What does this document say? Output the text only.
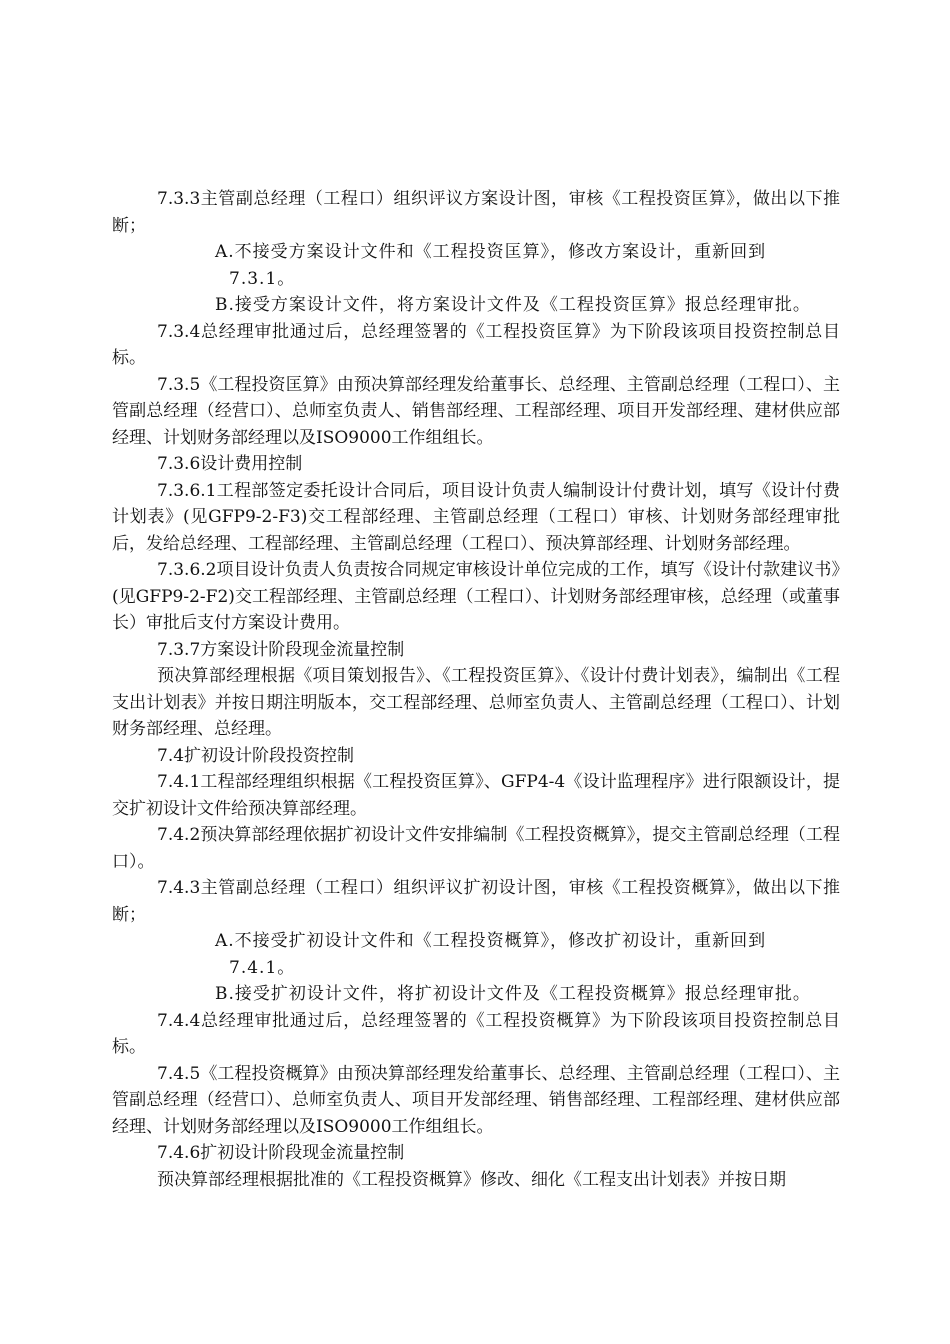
7.3.3主管副总经理（工程口）组织评议方案设计图，审核《工程投资匡算》，做出以下推断；

A.不接受方案设计文件和《工程投资匡算》，修改方案设计，重新回到
7.3.1。

B.接受方案设计文件，将方案设计文件及《工程投资匡算》报总经理审批。

7.3.4总经理审批通过后，总经理签署的《工程投资匡算》为下阶段该项目投资控制总目标。

7.3.5《工程投资匡算》由预决算部经理发给董事长、总经理、主管副总经理（工程口）、主管副总经理（经营口）、总师室负责人、销售部经理、工程部经理、项目开发部经理、建材供应部经理、计划财务部经理以及ISO9000工作组组长。

7.3.6设计费用控制

7.3.6.1工程部签定委托设计合同后，项目设计负责人编制设计付费计划，填写《设计付费计划表》(见GFP9-2-F3)交工程部经理、主管副总经理（工程口）审核、计划财务部经理审批后，发给总经理、工程部经理、主管副总经理（工程口）、预决算部经理、计划财务部经理。

7.3.6.2项目设计负责人负责按合同规定审核设计单位完成的工作，填写《设计付款建议书》(见GFP9-2-F2)交工程部经理、主管副总经理（工程口）、计划财务部经理审核，总经理（或董事长）审批后支付方案设计费用。

7.3.7方案设计阶段现金流量控制

预决算部经理根据《项目策划报告》、《工程投资匡算》、《设计付费计划表》，编制出《工程支出计划表》并按日期注明版本，交工程部经理、总师室负责人、主管副总经理（工程口）、计划财务部经理、总经理。

7.4扩初设计阶段投资控制

7.4.1工程部经理组织根据《工程投资匡算》、GFP4-4《设计监理程序》进行限额设计，提交扩初设计文件给预决算部经理。

7.4.2预决算部经理依据扩初设计文件安排编制《工程投资概算》，提交主管副总经理（工程口）。

7.4.3主管副总经理（工程口）组织评议扩初设计图，审核《工程投资概算》，做出以下推断；

A.不接受扩初设计文件和《工程投资概算》，修改扩初设计，重新回到
7.4.1。

B.接受扩初设计文件，将扩初设计文件及《工程投资概算》报总经理审批。

7.4.4总经理审批通过后，总经理签署的《工程投资概算》为下阶段该项目投资控制总目标。

7.4.5《工程投资概算》由预决算部经理发给董事长、总经理、主管副总经理（工程口）、主管副总经理（经营口）、总师室负责人、项目开发部经理、销售部经理、工程部经理、建材供应部经理、计划财务部经理以及ISO9000工作组组长。

7.4.6扩初设计阶段现金流量控制

预决算部经理根据批准的《工程投资概算》修改、细化《工程支出计划表》并按日期
